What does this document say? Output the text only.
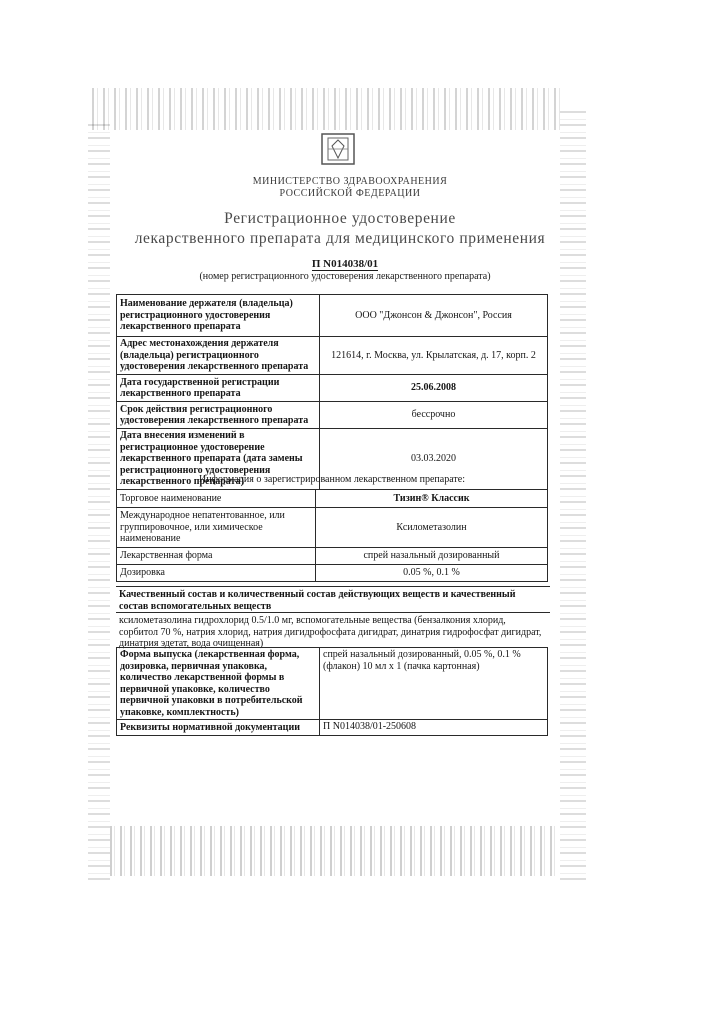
МИНИСТЕРСТВО ЗДРАВООХРАНЕНИЯ
РОССИЙСКОЙ ФЕДЕРАЦИИ
Регистрационное удостоверение
лекарственного препарата для медицинского применения
П N014038/01
(номер регистрационного удостоверения лекарственного препарата)
Наименование держателя (владельца) регистрационного удостоверения лекарственного препарата	ООО "Джонсон & Джонсон", Россия
Адрес местонахождения держателя (владельца) регистрационного удостоверения лекарственного препарата	121614, г. Москва, ул. Крылатская, д. 17, корп. 2
Дата государственной регистрации лекарственного препарата	25.06.2008
Срок действия регистрационного удостоверения лекарственного препарата	бессрочно
Дата внесения изменений в регистрационное удостоверение лекарственного препарата (дата замены регистрационного удостоверения лекарственного препарата)	03.03.2020
Информация о зарегистрированном лекарственном препарате:
Торговое наименование	Тизин® Классик
Международное непатентованное, или группировочное, или химическое наименование	Ксилометазолин
Лекарственная форма	спрей назальный дозированный
Дозировка	0.05 %, 0.1 %
Качественный состав и количественный состав действующих веществ и качественный состав вспомогательных веществ
ксилометазолина гидрохлорид 0.5/1.0 мг, вспомогательные вещества (бензалкония хлорид, сорбитол 70 %, натрия хлорид, натрия дигидрофосфата дигидрат, динатрия гидрофосфат дигидрат, динатрия эдетат, вода очищенная)
Форма выпуска (лекарственная форма, дозировка, первичная упаковка, количество лекарственной формы в первичной упаковке, количество первичной упаковки в потребительской упаковке, комплектность)	спрей назальный дозированный, 0.05 %, 0.1 % (флакон) 10 мл х 1 (пачка картонная)
Реквизиты нормативной документации	П N014038/01-250608
